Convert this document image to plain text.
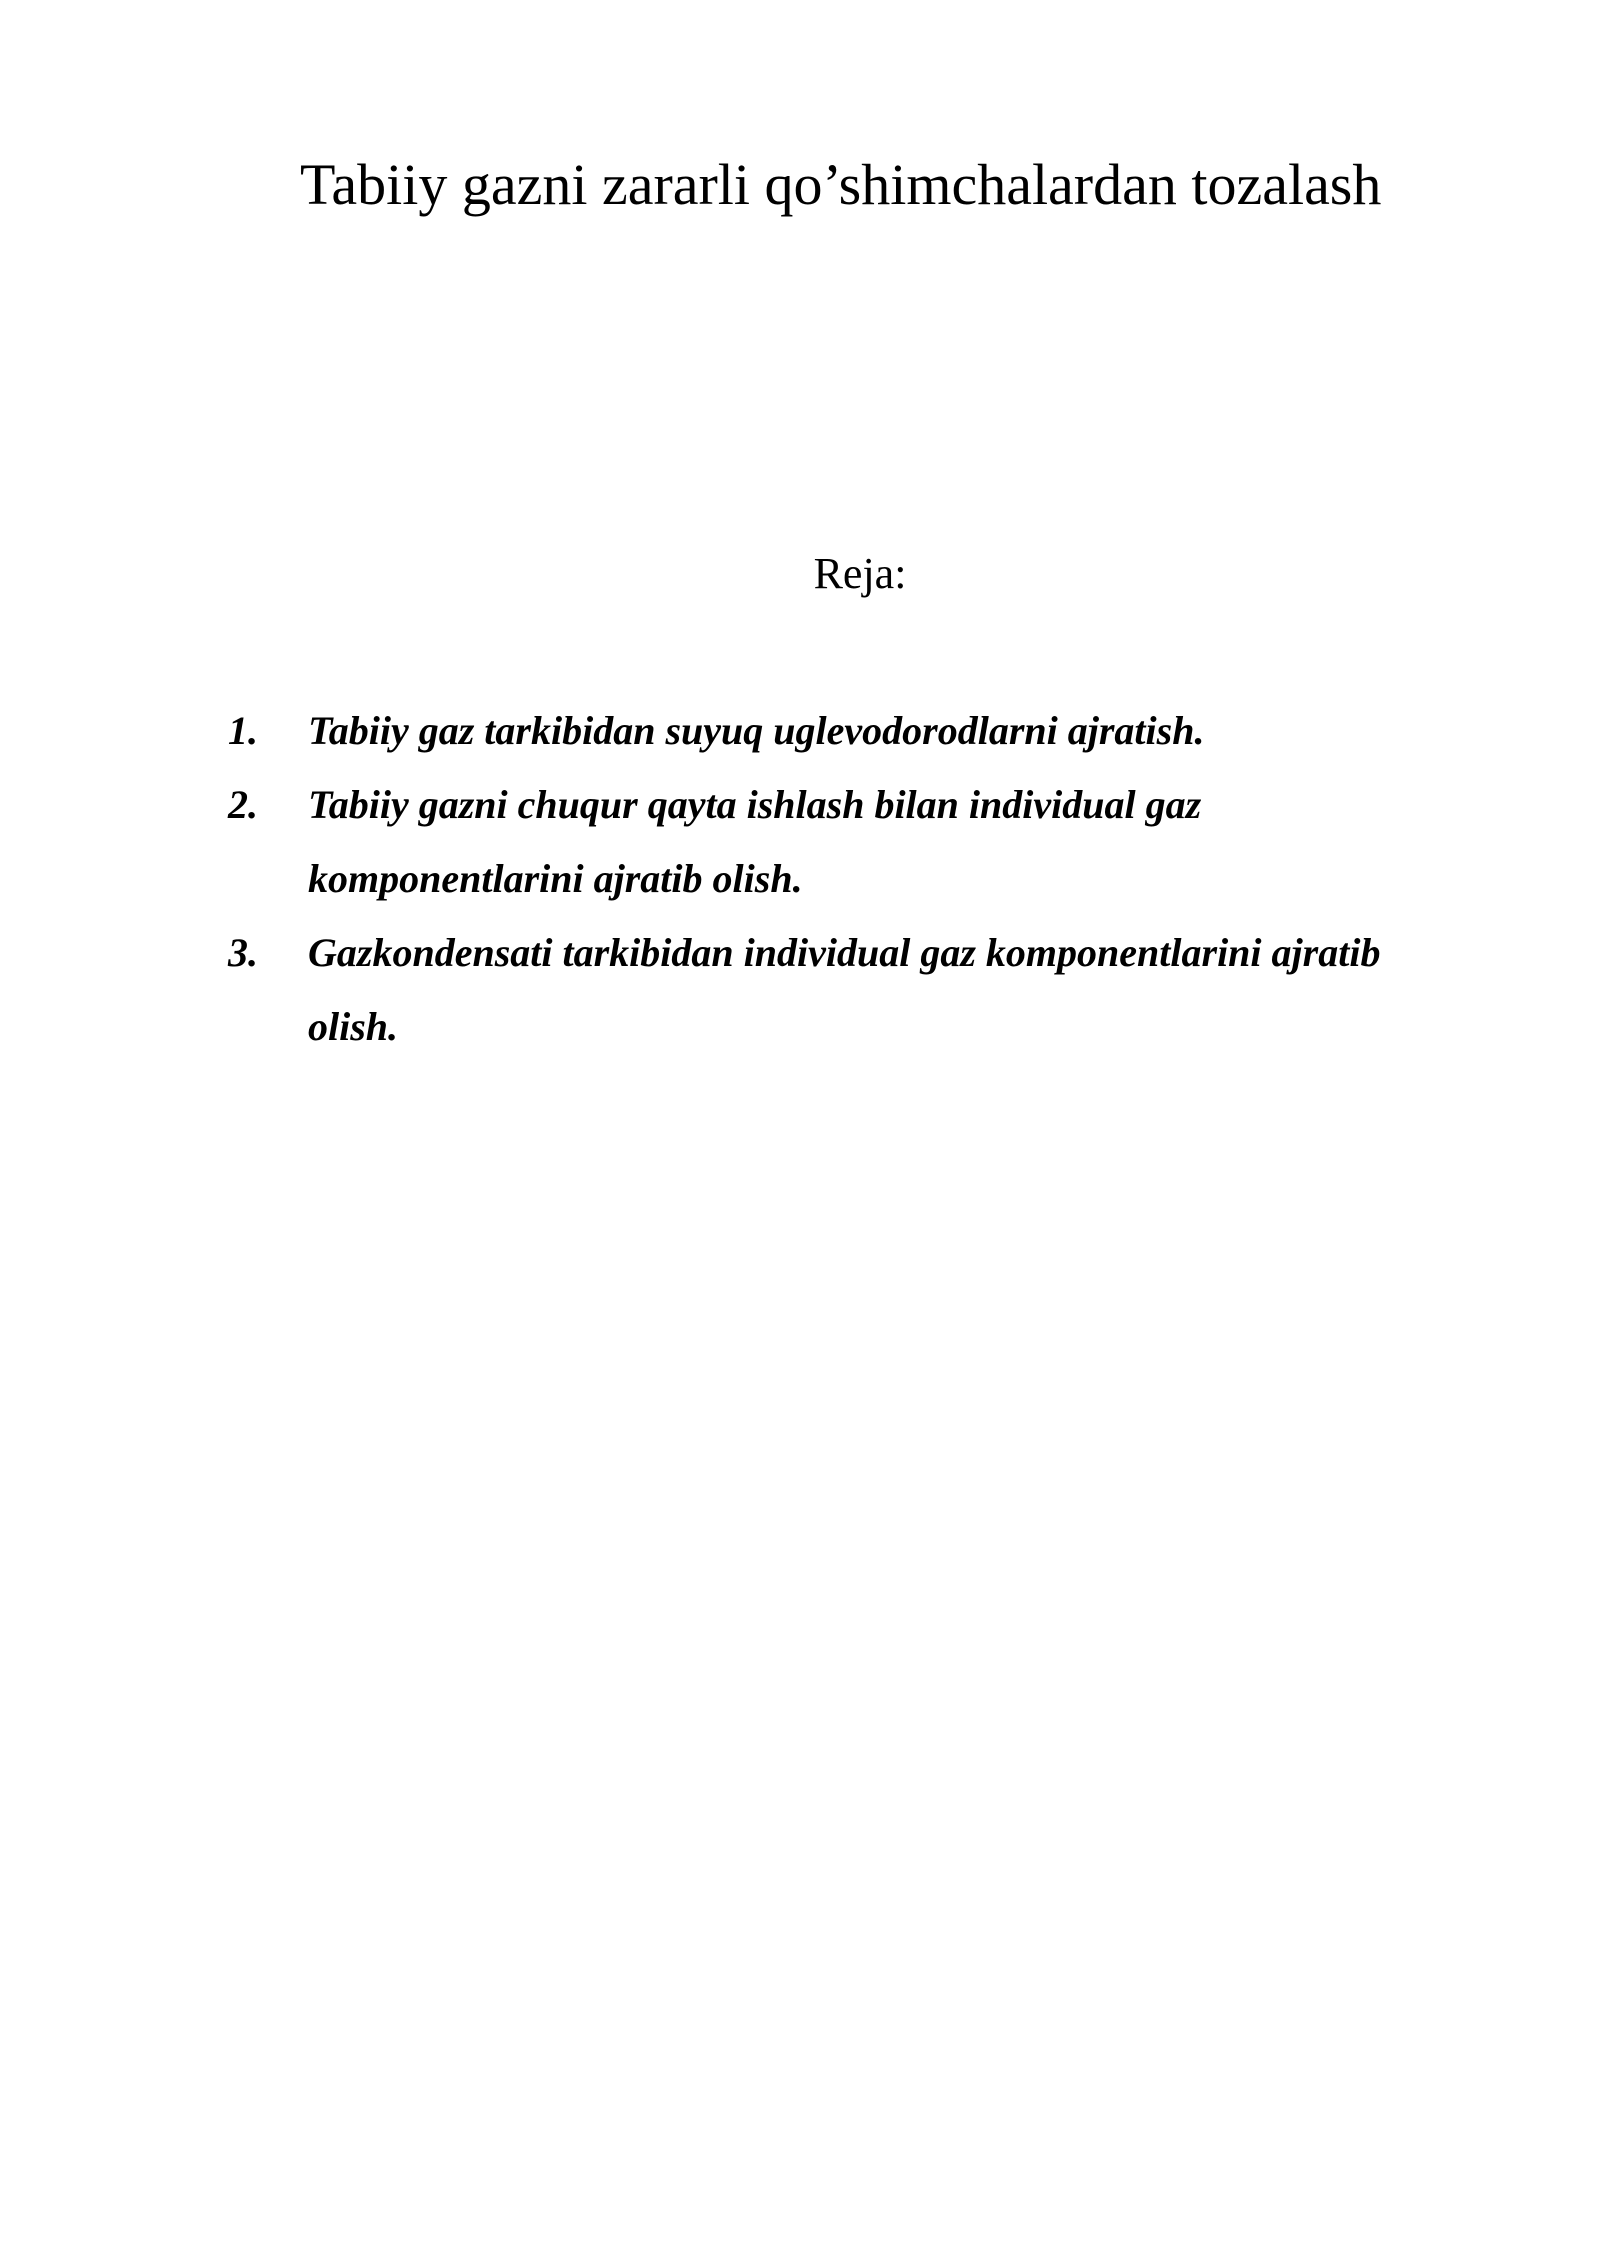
Tabiiy gazni zararli qo’shimchalardan tozalash
Reja:
1. Tabiiy gaz tarkibidan suyuq uglevodorodlarni ajratish.
2. Tabiiy gazni chuqur qayta ishlash bilan individual gaz komponentlarini ajratib olish.
3. Gazkondensati tarkibidan individual gaz komponentlarini ajratib olish.
